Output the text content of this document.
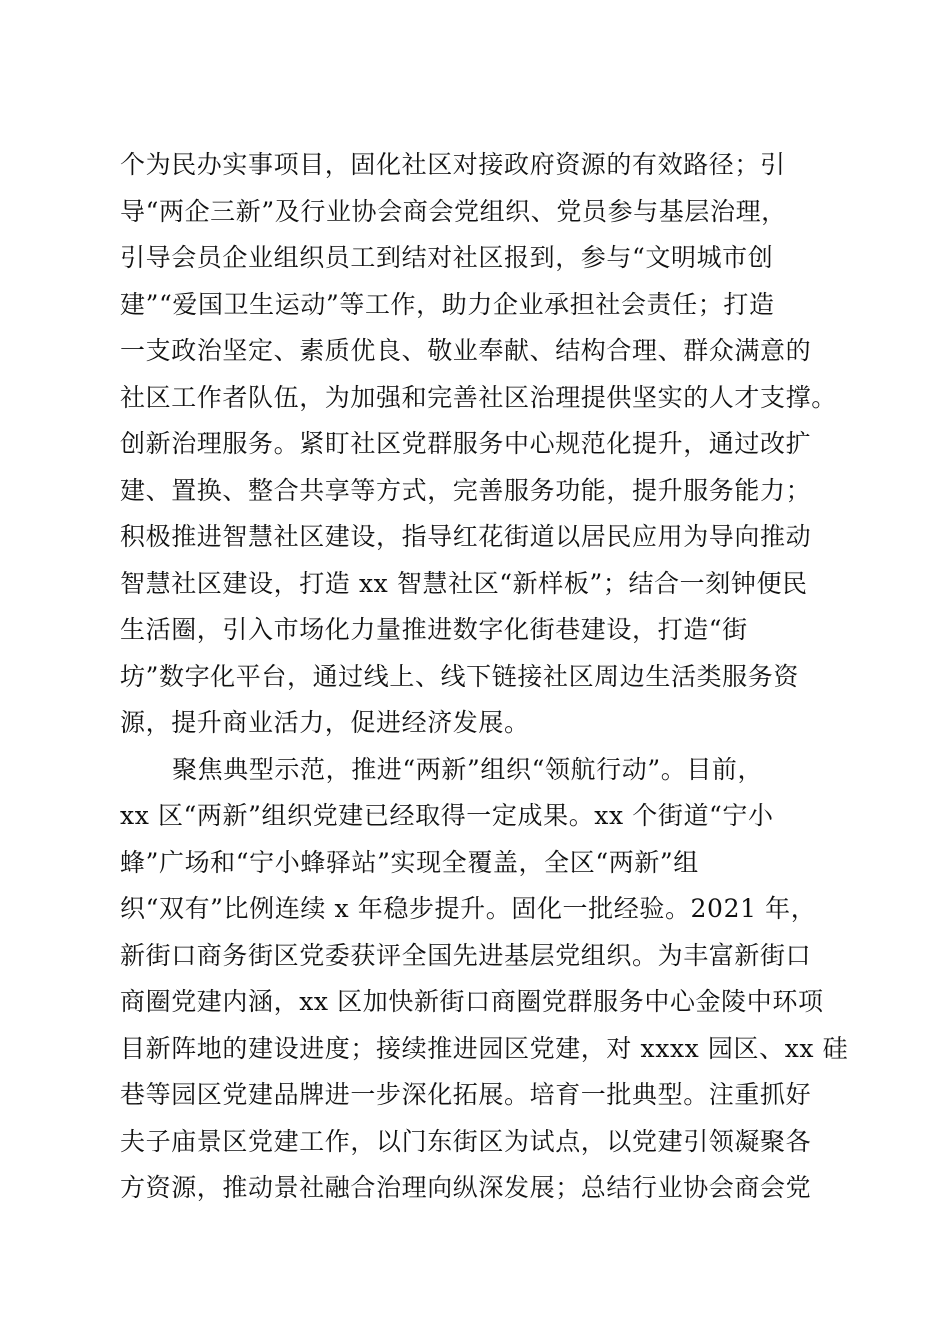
个为民办实事项目，固化社区对接政府资源的有效路径；引
导“两企三新”及行业协会商会党组织、党员参与基层治理，
引导会员企业组织员工到结对社区报到，参与“文明城市创
建”“爱国卫生运动”等工作，助力企业承担社会责任；打造
一支政治坚定、素质优良、敬业奉献、结构合理、群众满意的
社区工作者队伍，为加强和完善社区治理提供坚实的人才支撑。
创新治理服务。紧盯社区党群服务中心规范化提升，通过改扩
建、置换、整合共享等方式，完善服务功能，提升服务能力；
积极推进智慧社区建设，指导红花街道以居民应用为导向推动
智慧社区建设，打造 xx 智慧社区“新样板”；结合一刻钟便民
生活圈，引入市场化力量推进数字化街巷建设，打造“街
坊”数字化平台，通过线上、线下链接社区周边生活类服务资
源，提升商业活力，促进经济发展。
聚焦典型示范，推进“两新”组织“领航行动”。目前，
xx 区“两新”组织党建已经取得一定成果。xx 个街道“宁小
蜂”广场和“宁小蜂驿站”实现全覆盖，全区“两新”组
织“双有”比例连续 x 年稳步提升。固化一批经验。2021 年，
新街口商务街区党委获评全国先进基层党组织。为丰富新街口
商圈党建内涵，xx 区加快新街口商圈党群服务中心金陵中环项
目新阵地的建设进度；接续推进园区党建，对 xxxx 园区、xx 硅
巷等园区党建品牌进一步深化拓展。培育一批典型。注重抓好
夫子庙景区党建工作，以门东街区为试点，以党建引领凝聚各
方资源，推动景社融合治理向纵深发展；总结行业协会商会党
